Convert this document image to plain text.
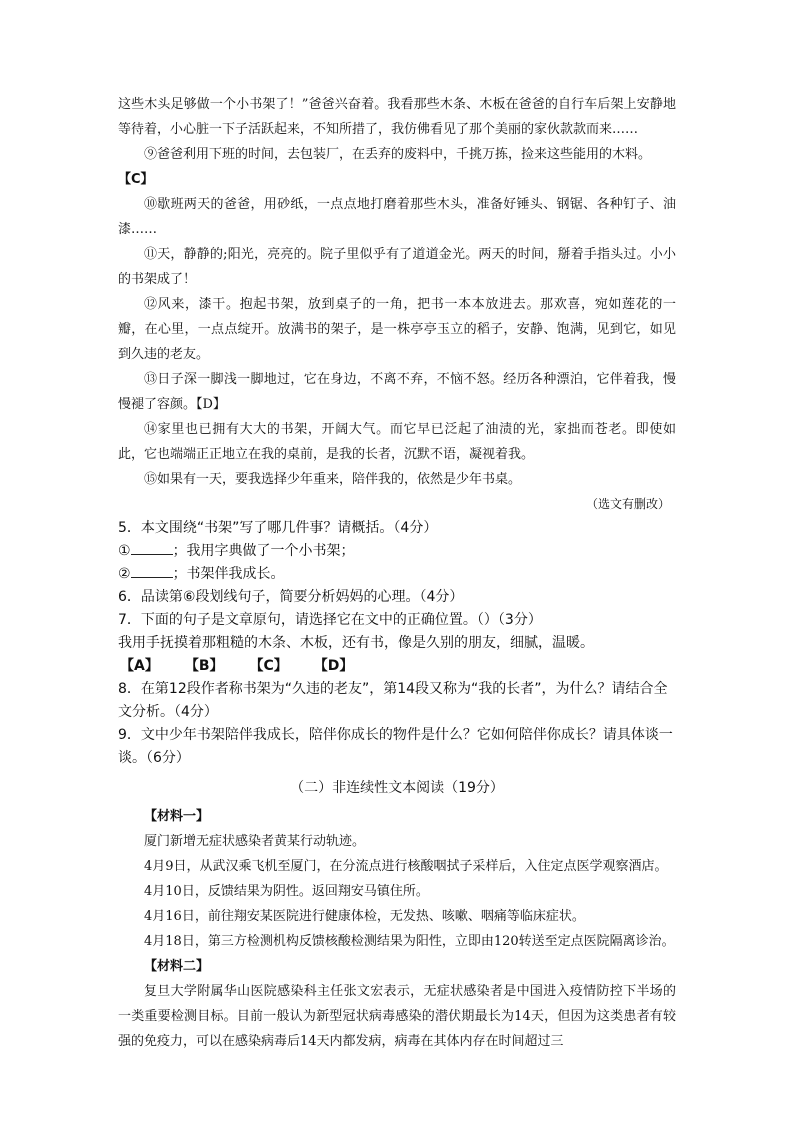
这些木头足够做一个小书架了！”爸爸兴奋着。我看那些木条、木板在爸爸的自行车后架上安静地等待着，小心脏一下子活跃起来，不知所措了，我仿佛看见了那个美丽的家伙款款而来……

⑨爸爸利用下班的时间，去包装厂，在丢弃的废料中，千挑万拣，捡来这些能用的木料。

【C】

⑩歇班两天的爸爸，用砂纸，一点点地打磨着那些木头，准备好锤头、钢锯、各种钉子、油漆……

⑪天，静静的;阳光，亮亮的。院子里似乎有了道道金光。两天的时间，掰着手指头过。小小的书架成了！

⑫风来，漆干。抱起书架，放到桌子的一角，把书一本本放进去。那欢喜，宛如莲花的一瓣，在心里，一点点绽开。放满书的架子，是一株亭亭玉立的稻子，安静、饱满，见到它，如见到久违的老友。

⑬日子深一脚浅一脚地过，它在身边，不离不弃，不恼不怒。经历各种漂泊，它伴着我，慢慢褪了容颜。【D】

⑭家里也已拥有大大的书架，开阔大气。而它早已泛起了油渍的光，家拙而苍老。即使如此，它也端端正正地立在我的桌前，是我的长者，沉默不语，凝视着我。

⑮如果有一天，要我选择少年重来，陪伴我的，依然是少年书桌。

（选文有删改）

5．本文围绕“书架”写了哪几件事？请概括。（4分）

①	；我用字典做了一个小书架；

②	；书架伴我成长。

6．品读第⑥段划线句子，简要分析妈妈的心理。（4分）

7．下面的句子是文章原句，请选择它在文中的正确位置。（）（3分）

我用手抚摸着那粗糙的木条、木板，还有书，像是久别的朋友，细腻，温暖。

【A】 【B】 【C】 【D】

8．在第12段作者称书架为“久违的老友”，第14段又称为“我的长者”，为什么？请结合全文分析。（4分）

9．文中少年书架陪伴我成长，陪伴你成长的物件是什么？它如何陪伴你成长？请具体谈一谈。（6分）

（二）非连续性文本阅读（19分）

【材料一】

厦门新增无症状感染者黄某行动轨迹。

4月9日，从武汉乘飞机至厦门，在分流点进行核酸咽拭子采样后，入住定点医学观察酒店。

4月10日，反馈结果为阴性。返回翔安马镇住所。

4月16日，前往翔安某医院进行健康体检，无发热、咳嗽、咽痛等临床症状。

4月18日，第三方检测机构反馈核酸检测结果为阳性，立即由120转送至定点医院隔离诊治。

【材料二】

复旦大学附属华山医院感染科主任张文宏表示，无症状感染者是中国进入疫情防控下半场的一类重要检测目标。目前一般认为新型冠状病毒感染的潜伏期最长为14天，但因为这类患者有较强的免疫力，可以在感染病毒后14天内都发病，病毒在其体内存在时间超过三
